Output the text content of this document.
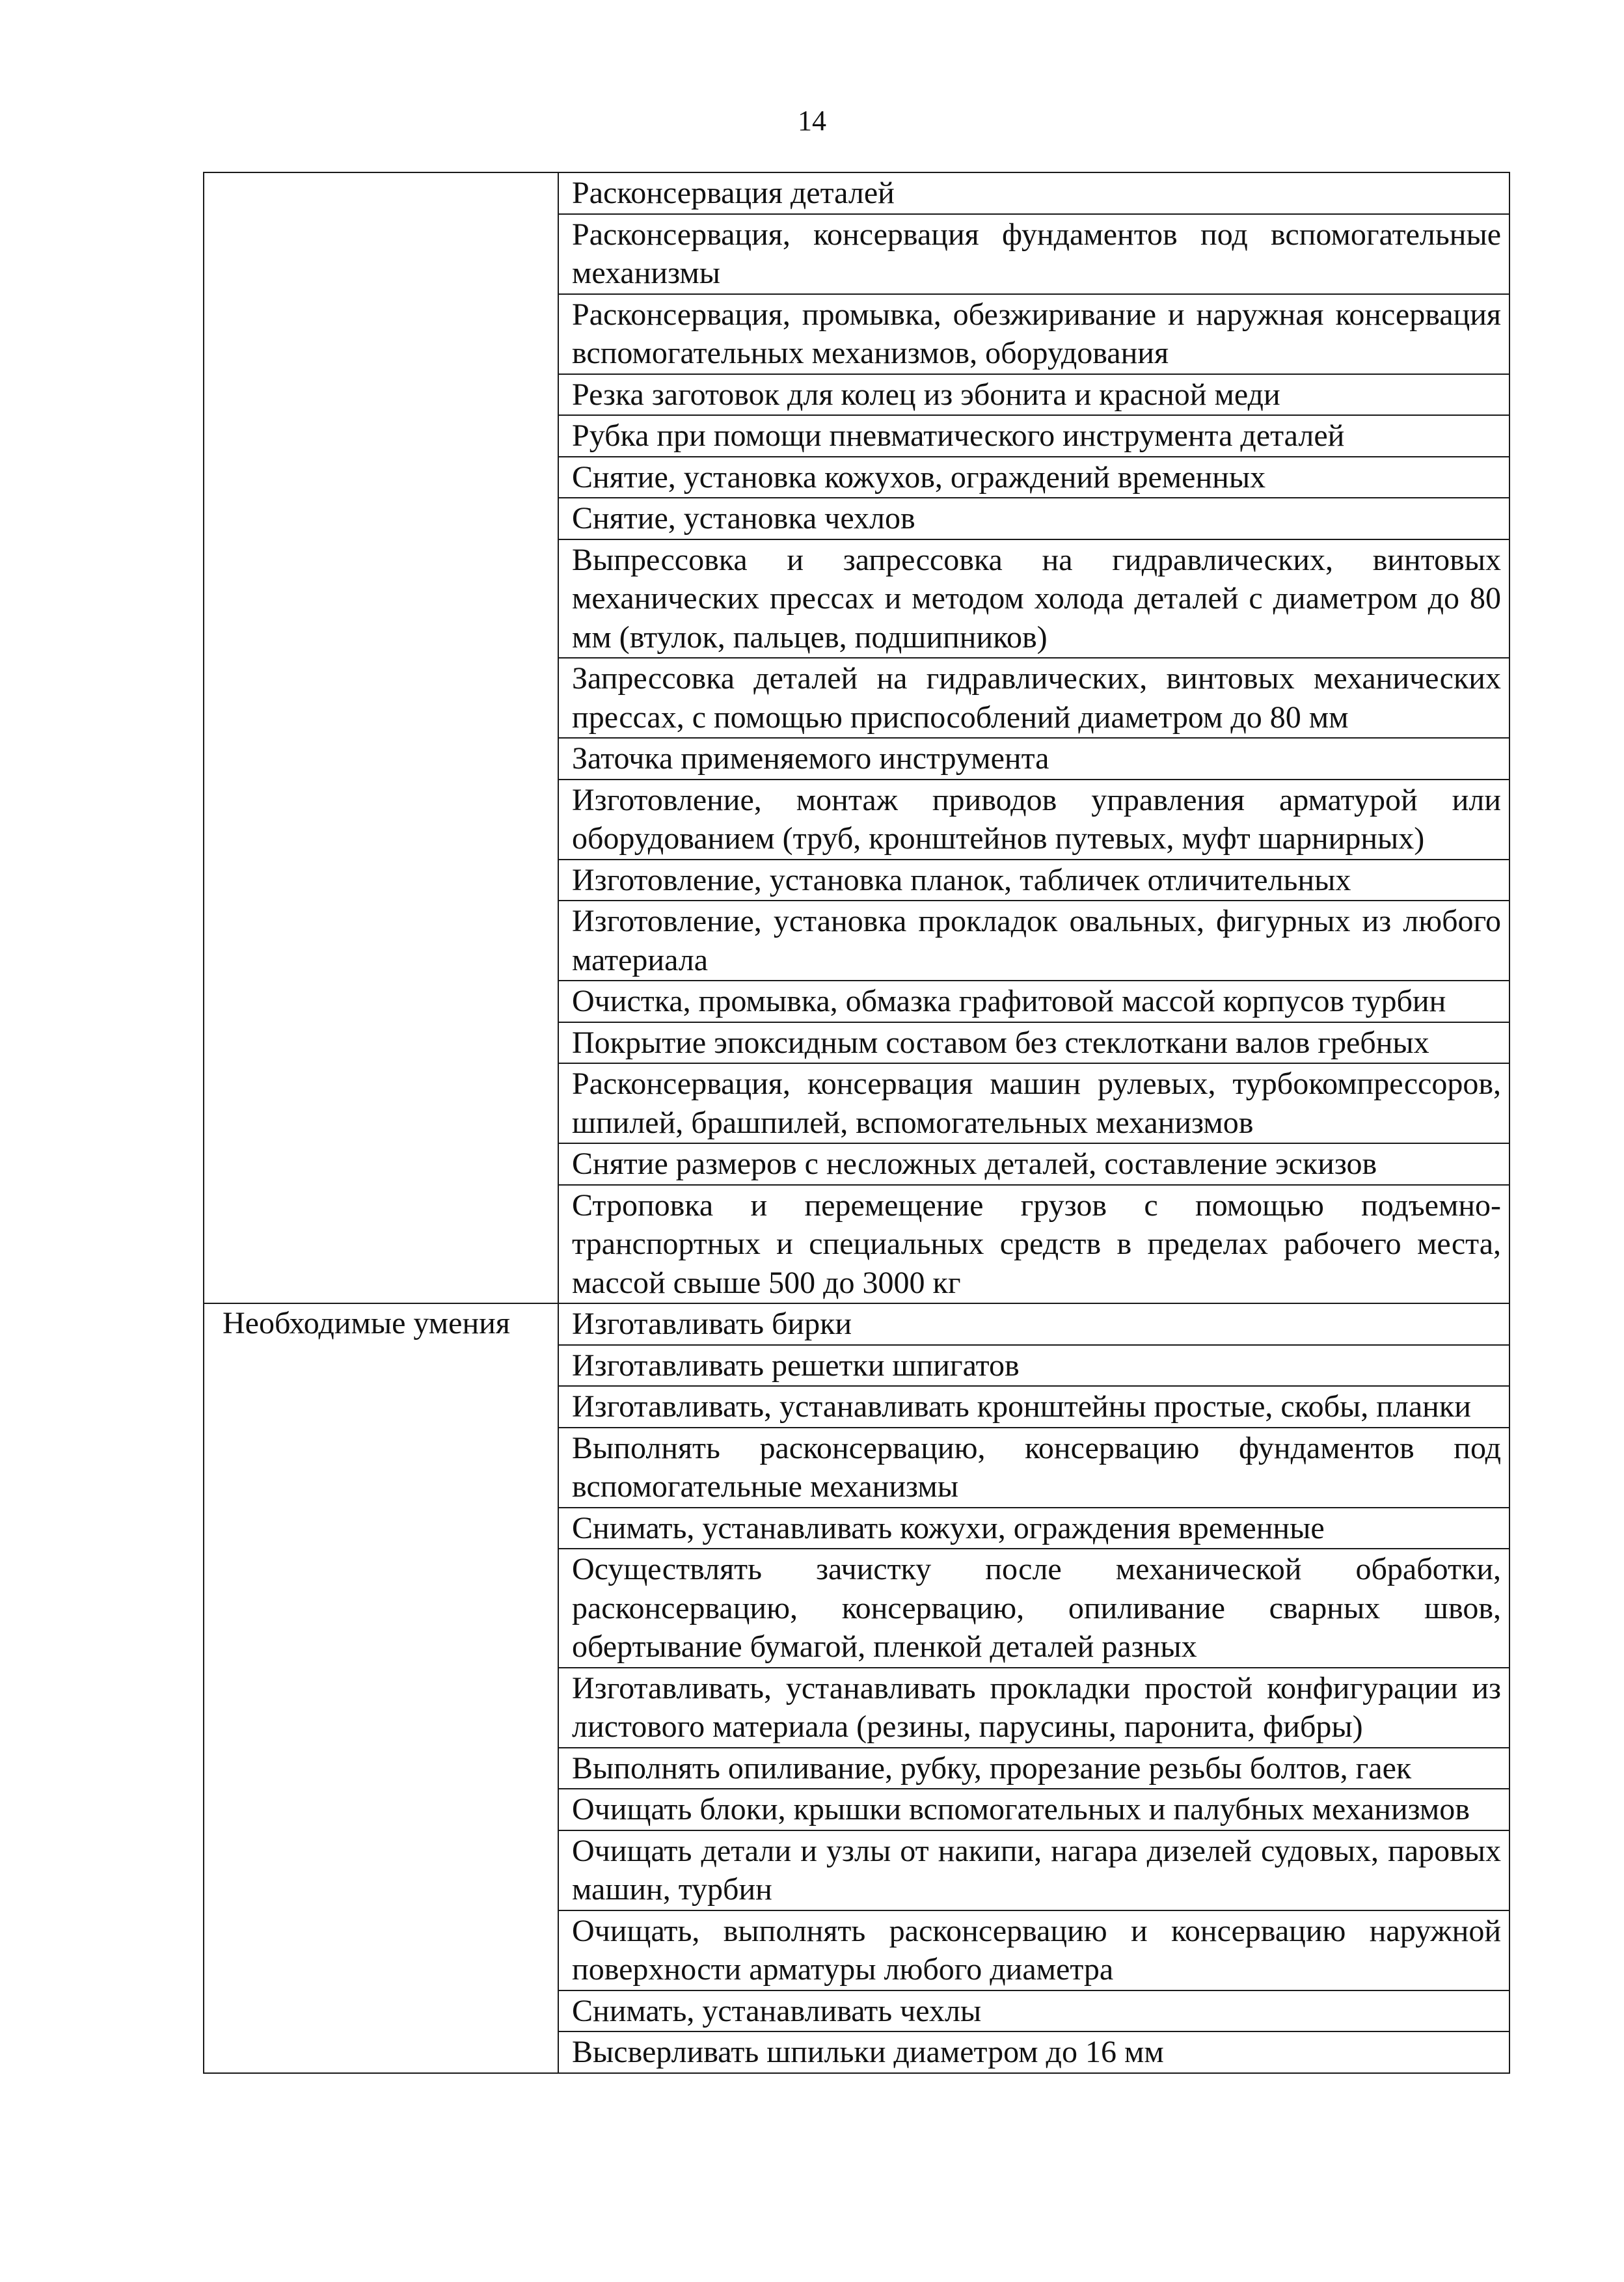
14
	Расконсервация деталей
	Расконсервация, консервация фундаментов под вспомогательные механизмы
	Расконсервация, промывка, обезжиривание и наружная консервация вспомогательных механизмов, оборудования
	Резка заготовок для колец из эбонита и красной меди
	Рубка при помощи пневматического инструмента деталей
	Снятие, установка кожухов, ограждений временных
	Снятие, установка чехлов
	Выпрессовка и запрессовка на гидравлических, винтовых механических прессах и методом холода деталей с диаметром до 80 мм (втулок, пальцев, подшипников)
	Запрессовка деталей на гидравлических, винтовых механических прессах, с помощью приспособлений диаметром до 80 мм
	Заточка применяемого инструмента
	Изготовление, монтаж приводов управления арматурой или оборудованием (труб, кронштейнов путевых, муфт шарнирных)
	Изготовление, установка планок, табличек отличительных
	Изготовление, установка прокладок овальных, фигурных из любого материала
	Очистка, промывка, обмазка графитовой массой корпусов турбин
	Покрытие эпоксидным составом без стеклоткани валов гребных
	Расконсервация, консервация машин рулевых, турбокомпрессоров, шпилей, брашпилей, вспомогательных механизмов
	Снятие размеров с несложных деталей, составление эскизов
	Строповка и перемещение грузов с помощью подъемно-транспортных и специальных средств в пределах рабочего места, массой свыше 500 до 3000 кг
Необходимые умения	Изготавливать бирки
	Изготавливать решетки шпигатов
	Изготавливать, устанавливать кронштейны простые, скобы, планки
	Выполнять расконсервацию, консервацию фундаментов под вспомогательные механизмы
	Снимать, устанавливать кожухи, ограждения временные
	Осуществлять зачистку после механической обработки, расконсервацию, консервацию, опиливание сварных швов, обертывание бумагой, пленкой деталей разных
	Изготавливать, устанавливать прокладки простой конфигурации из листового материала (резины, парусины, паронита, фибры)
	Выполнять опиливание, рубку, прорезание резьбы болтов, гаек
	Очищать блоки, крышки вспомогательных и палубных механизмов
	Очищать детали и узлы от накипи, нагара дизелей судовых, паровых машин, турбин
	Очищать, выполнять расконсервацию и консервацию наружной поверхности арматуры любого диаметра
	Снимать, устанавливать чехлы
	Высверливать шпильки диаметром до 16 мм
